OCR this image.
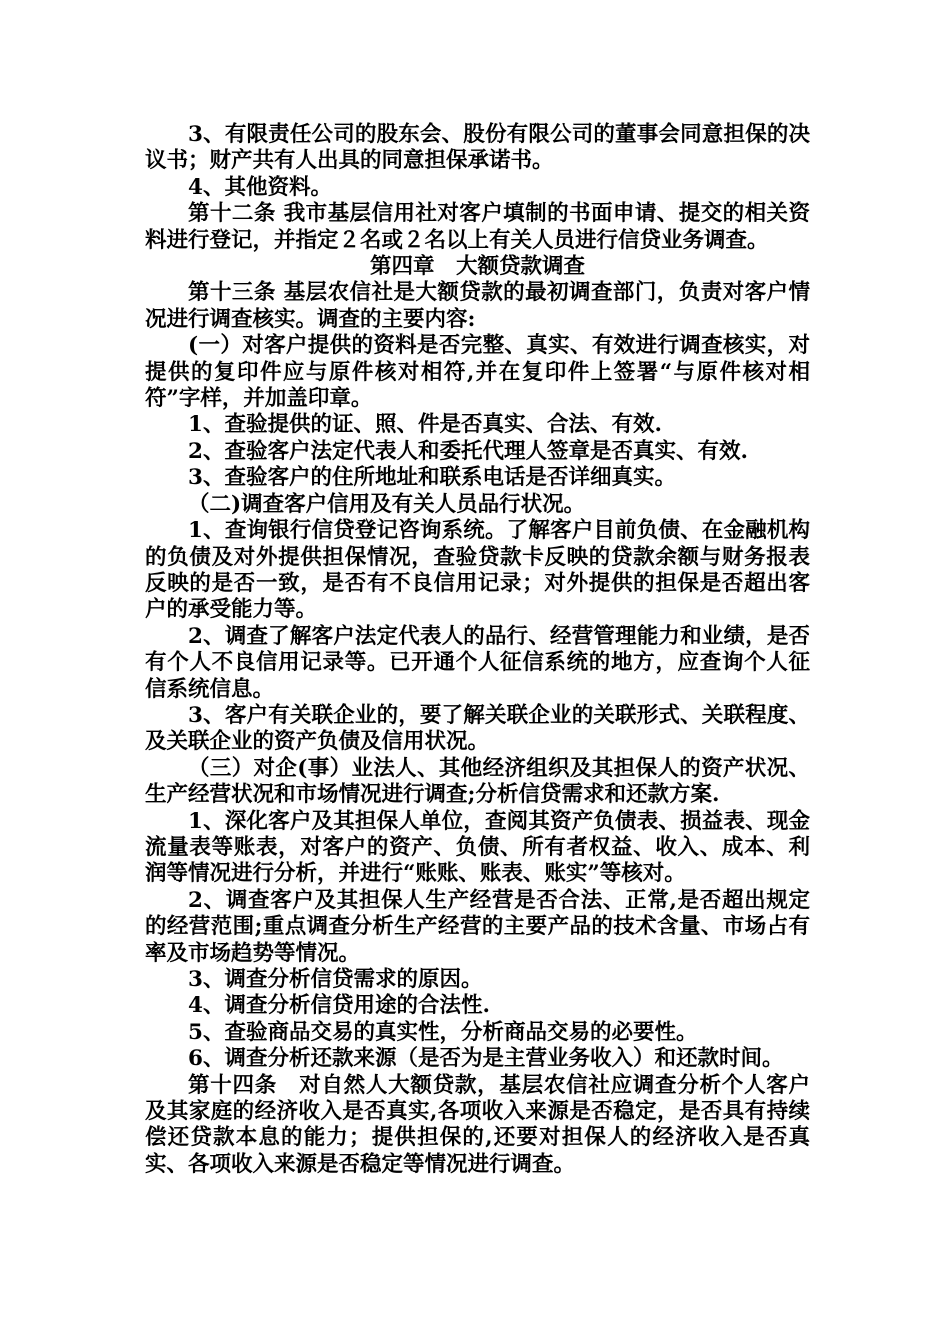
3、有限责任公司的股东会、股份有限公司的董事会同意担保的决议书；财产共有人出具的同意担保承诺书。

4、其他资料。

第十二条 我市基层信用社对客户填制的书面申请、提交的相关资料进行登记，并指定２名或２名以上有关人员进行信贷业务调查。

第四章　大额贷款调查

第十三条 基层农信社是大额贷款的最初调查部门，负责对客户情况进行调查核实。调查的主要内容:

(一）对客户提供的资料是否完整、真实、有效进行调查核实，对提供的复印件应与原件核对相符,并在复印件上签署“与原件核对相符”字样，并加盖印章。

1、查验提供的证、照、件是否真实、合法、有效.

2、查验客户法定代表人和委托代理人签章是否真实、有效.

3、查验客户的住所地址和联系电话是否详细真实。

（二)调查客户信用及有关人员品行状况。

1、查询银行信贷登记咨询系统。了解客户目前负债、在金融机构的负债及对外提供担保情况，查验贷款卡反映的贷款余额与财务报表反映的是否一致，是否有不良信用记录；对外提供的担保是否超出客户的承受能力等。

2、调查了解客户法定代表人的品行、经营管理能力和业绩，是否有个人不良信用记录等。已开通个人征信系统的地方，应查询个人征信系统信息。

3、客户有关联企业的，要了解关联企业的关联形式、关联程度、及关联企业的资产负债及信用状况。

（三）对企(事）业法人、其他经济组织及其担保人的资产状况、生产经营状况和市场情况进行调查;分析信贷需求和还款方案.

1、深化客户及其担保人单位，查阅其资产负债表、损益表、现金流量表等账表，对客户的资产、负债、所有者权益、收入、成本、利润等情况进行分析，并进行“账账、账表、账实”等核对。

2、调查客户及其担保人生产经营是否合法、正常,是否超出规定的经营范围;重点调查分析生产经营的主要产品的技术含量、市场占有率及市场趋势等情况。

3、调查分析信贷需求的原因。

4、调查分析信贷用途的合法性.

5、查验商品交易的真实性，分析商品交易的必要性。

6、调查分析还款来源（是否为是主营业务收入）和还款时间。

第十四条　对自然人大额贷款，基层农信社应调查分析个人客户及其家庭的经济收入是否真实,各项收入来源是否稳定，是否具有持续偿还贷款本息的能力；提供担保的,还要对担保人的经济收入是否真实、各项收入来源是否稳定等情况进行调查。
